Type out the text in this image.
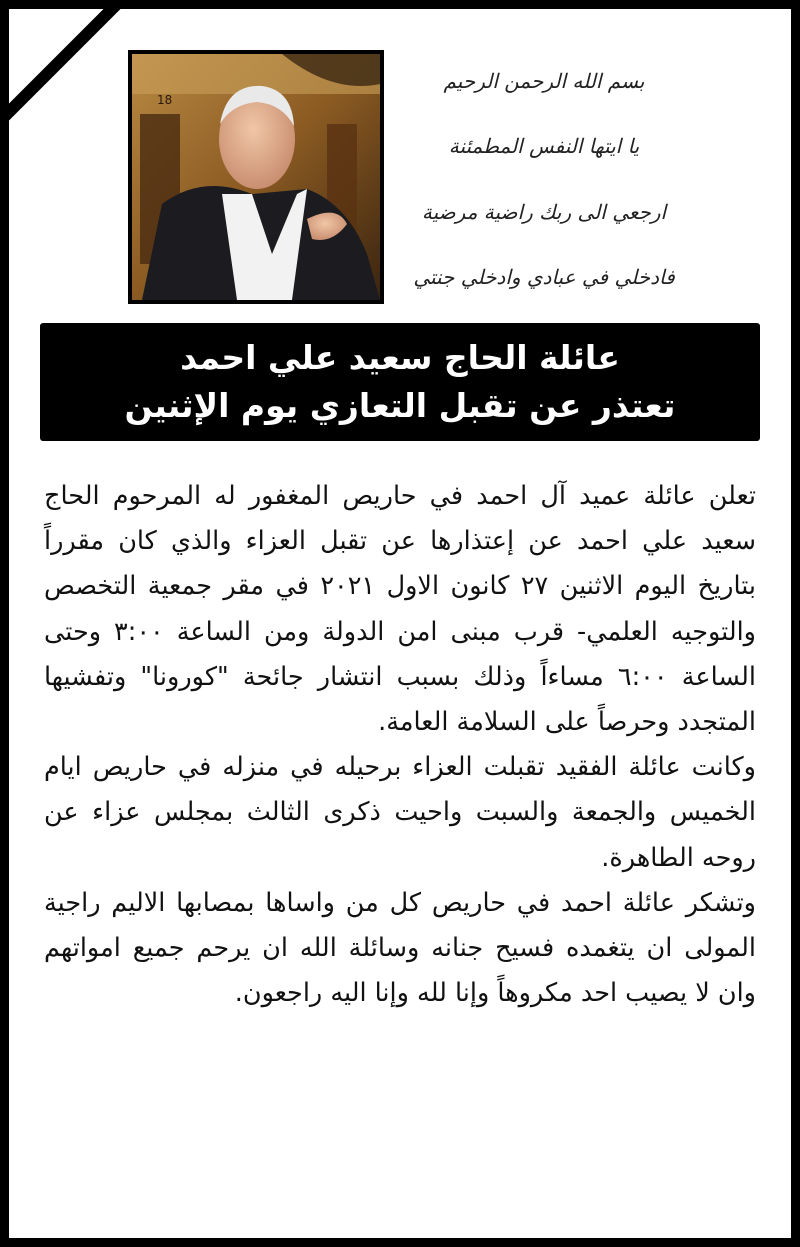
18
بسم الله الرحمن الرحيم
يا ايتها النفس المطمئنة
ارجعي الى ربك راضية مرضية
فادخلي في عبادي وادخلي جنتي
عائلة الحاج سعيد علي احمد
تعتذر عن تقبل التعازي يوم الإثنين

تعلن عائلة عميد آل احمد في حاريص المغفور له المرحوم الحاج سعيد علي احمد عن إعتذارها عن تقبل العزاء والذي كان مقرراً بتاريخ اليوم الاثنين ٢٧ كانون الاول ٢٠٢١ في مقر جمعية التخصص والتوجيه العلمي- قرب مبنى امن الدولة ومن الساعة ٣:٠٠ وحتى الساعة ٦:٠٠ مساءاً وذلك بسبب انتشار جائحة "كورونا" وتفشيها المتجدد وحرصاً على السلامة العامة.

وكانت عائلة الفقيد تقبلت العزاء برحيله في منزله في حاريص ايام الخميس والجمعة والسبت واحيت ذكرى الثالث بمجلس عزاء عن روحه الطاهرة.

وتشكر عائلة احمد في حاريص كل من واساها بمصابها الاليم راجية المولى ان يتغمده فسيح جنانه وسائلة الله ان يرحم جميع امواتهم وان لا يصيب احد مكروهاً وإنا لله وإنا اليه راجعون.
